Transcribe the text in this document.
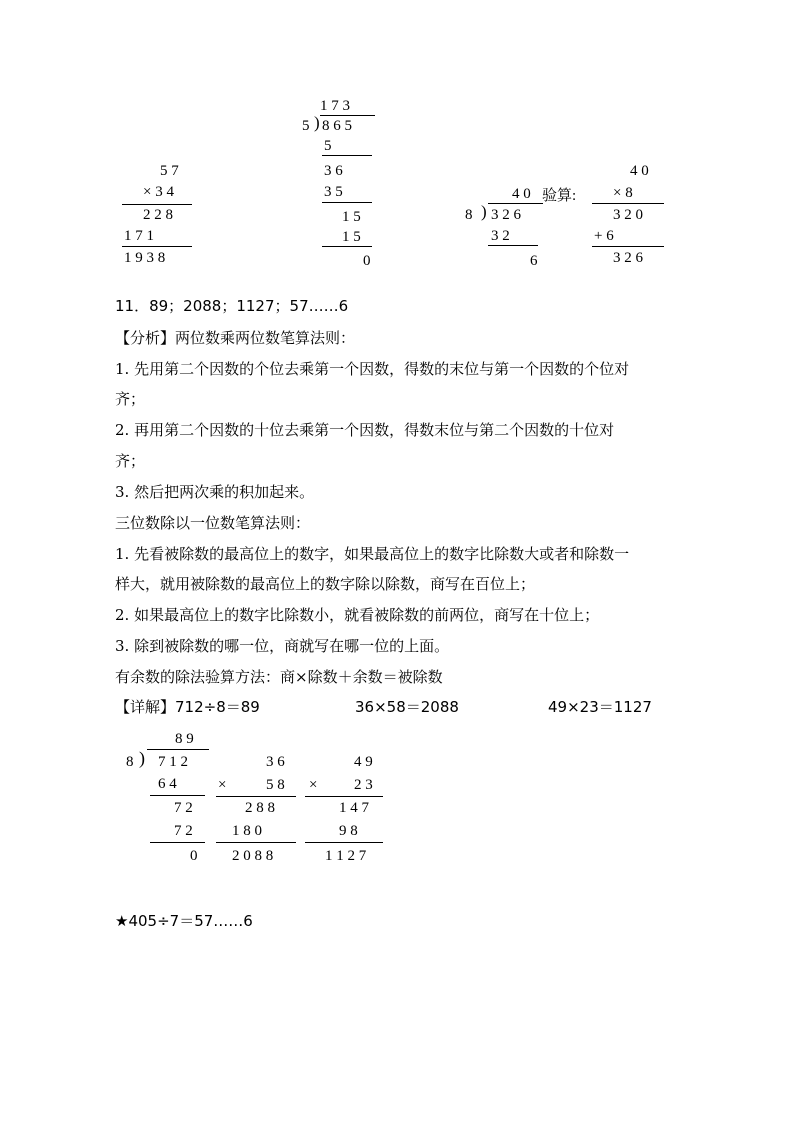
5 7
× 3 4
2 2 8
1 7 1
1 9 3 8
1 7 3
5 ) 8 6 5
5
3 6
3 5
1 5
1 5
0
4 0
8 ) 3 2 6
3 2
6
验算:
4 0
× 8
3 2 0
+ 6
3 2 6
11．89；2088；1127；57……6
【分析】两位数乘两位数笔算法则：
1. 先用第二个因数的个位去乘第一个因数，得数的末位与第一个因数的个位对
齐；
2. 再用第二个因数的十位去乘第一个因数，得数末位与第二个因数的十位对
齐；
3. 然后把两次乘的积加起来。
三位数除以一位数笔算法则：
1. 先看被除数的最高位上的数字，如果最高位上的数字比除数大或者和除数一
样大，就用被除数的最高位上的数字除以除数，商写在百位上；
2. 如果最高位上的数字比除数小，就看被除数的前两位，商写在十位上；
3. 除到被除数的哪一位，商就写在哪一位的上面。
有余数的除法验算方法：商×除数＋余数＝被除数
【详解】712÷8＝89	36×58＝2088	49×23＝1127
8 9
8 ) 7 1 2
6 4
7 2
7 2
0
3 6
×	5 8
2 8 8
1 8 0
2 0 8 8
4 9
× 2 3
1 4 7
9 8
1 1 2 7
★405÷7＝57……6
